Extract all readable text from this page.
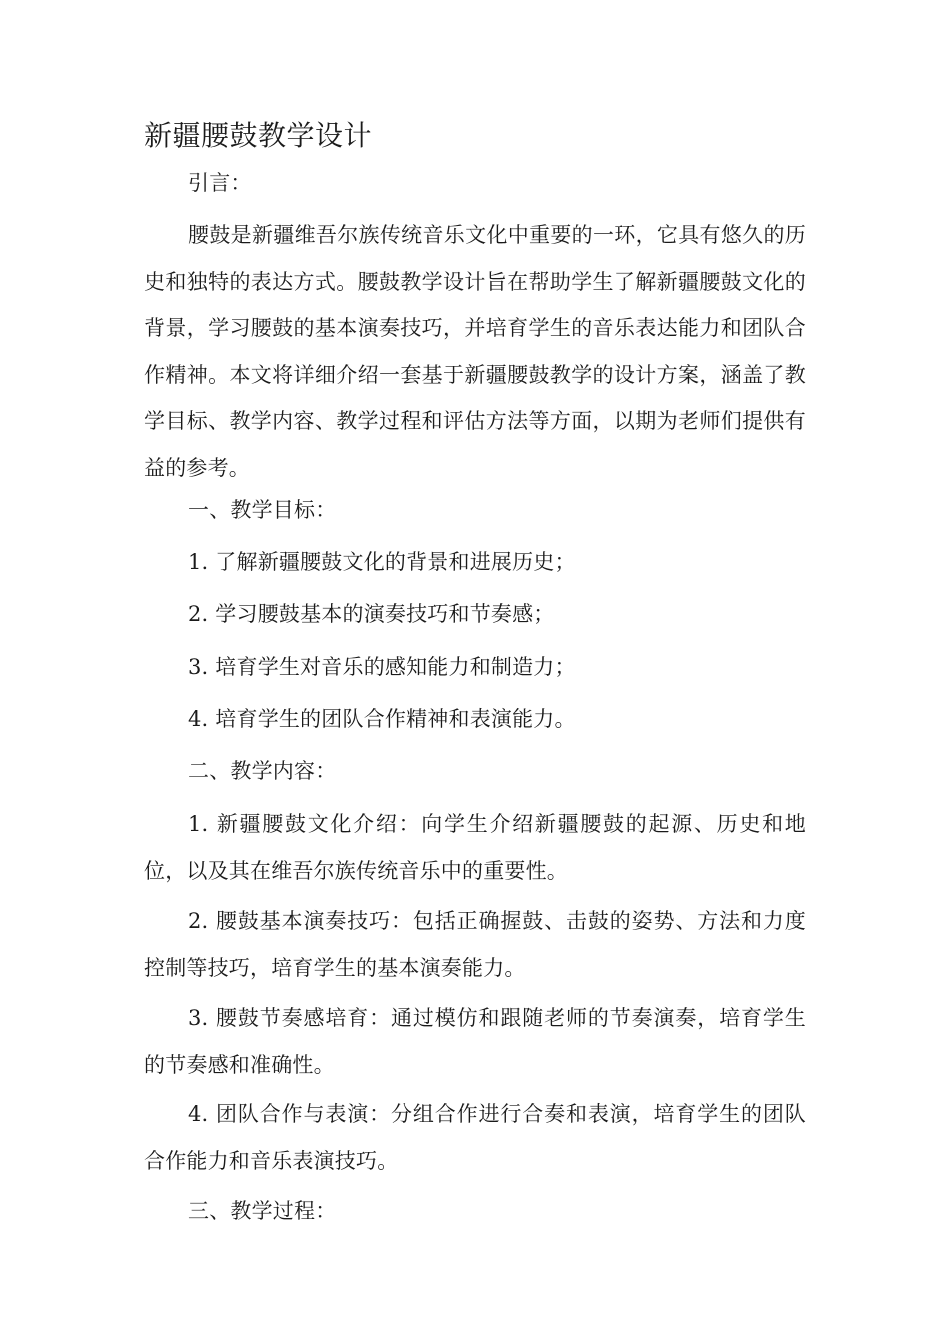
新疆腰鼓教学设计

引言：

腰鼓是新疆维吾尔族传统音乐文化中重要的一环，它具有悠久的历史和独特的表达方式。腰鼓教学设计旨在帮助学生了解新疆腰鼓文化的背景，学习腰鼓的基本演奏技巧，并培育学生的音乐表达能力和团队合作精神。本文将详细介绍一套基于新疆腰鼓教学的设计方案，涵盖了教学目标、教学内容、教学过程和评估方法等方面，以期为老师们提供有益的参考。

一、教学目标：

1. 了解新疆腰鼓文化的背景和进展历史；

2. 学习腰鼓基本的演奏技巧和节奏感；

3. 培育学生对音乐的感知能力和制造力；

4. 培育学生的团队合作精神和表演能力。

二、教学内容：

1. 新疆腰鼓文化介绍：向学生介绍新疆腰鼓的起源、历史和地位，以及其在维吾尔族传统音乐中的重要性。

2. 腰鼓基本演奏技巧：包括正确握鼓、击鼓的姿势、方法和力度控制等技巧，培育学生的基本演奏能力。

3. 腰鼓节奏感培育：通过模仿和跟随老师的节奏演奏，培育学生的节奏感和准确性。

4. 团队合作与表演：分组合作进行合奏和表演，培育学生的团队合作能力和音乐表演技巧。

三、教学过程：
